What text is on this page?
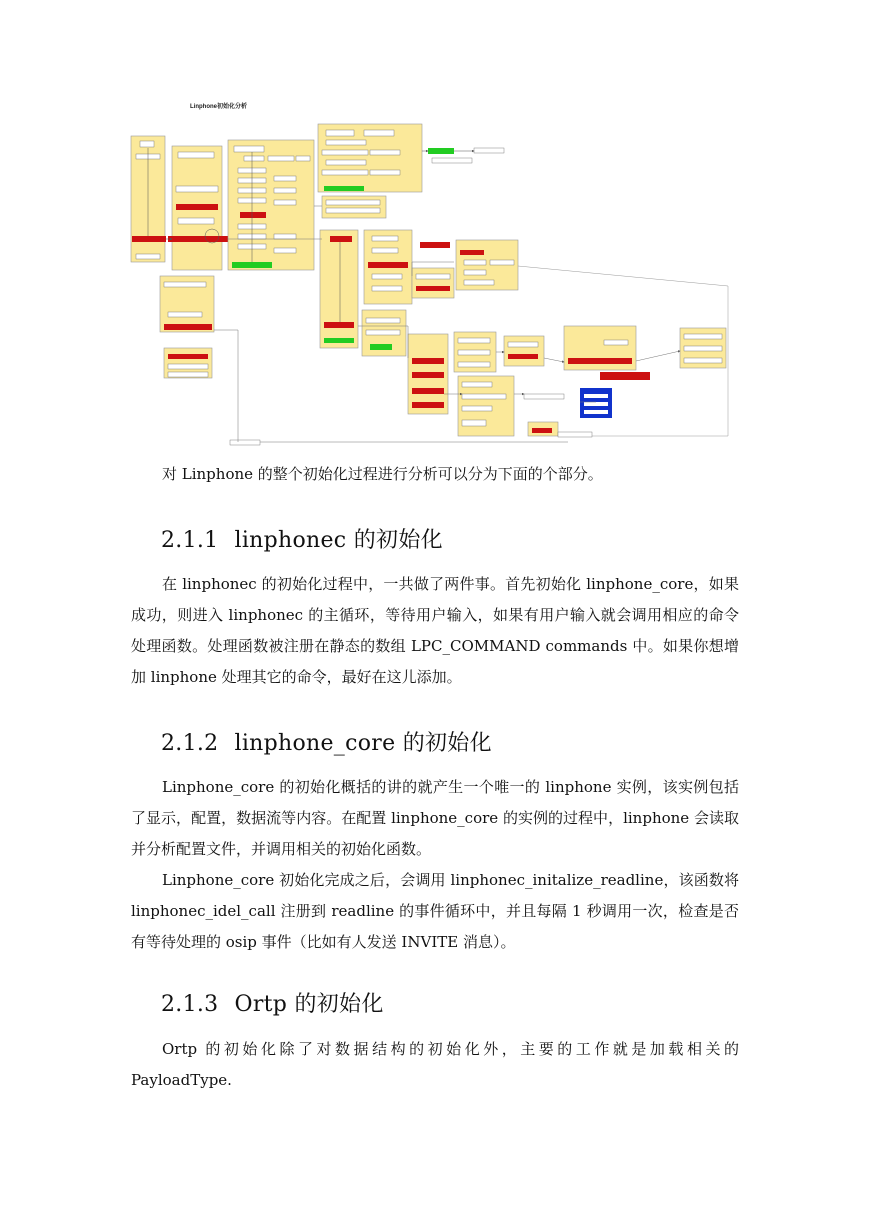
Linphone初始化分析

对 Linphone 的整个初始化过程进行分析可以分为下面的个部分。

2.1.1 linphonec 的初始化

在 linphonec 的初始化过程中，一共做了两件事。首先初始化 linphone_core，如果成功，则进入 linphonec 的主循环，等待用户输入，如果有用户输入就会调用相应的命令处理函数。处理函数被注册在静态的数组 LPC_COMMAND commands 中。如果你想增加 linphone 处理其它的命令，最好在这儿添加。

2.1.2 linphone_core 的初始化

Linphone_core 的初始化概括的讲的就产生一个唯一的 linphone 实例，该实例包括了显示，配置，数据流等内容。在配置 linphone_core 的实例的过程中，linphone 会读取并分析配置文件，并调用相关的初始化函数。

Linphone_core 初始化完成之后，会调用 linphonec_initalize_readline，该函数将 linphonec_idel_call 注册到 readline 的事件循环中，并且每隔 1 秒调用一次，检查是否有等待处理的 osip 事件（比如有人发送 INVITE 消息）。

2.1.3 Ortp 的初始化

Ortp 的初始化除了对数据结构的初始化外，主要的工作就是加载相关的 PayloadType.
